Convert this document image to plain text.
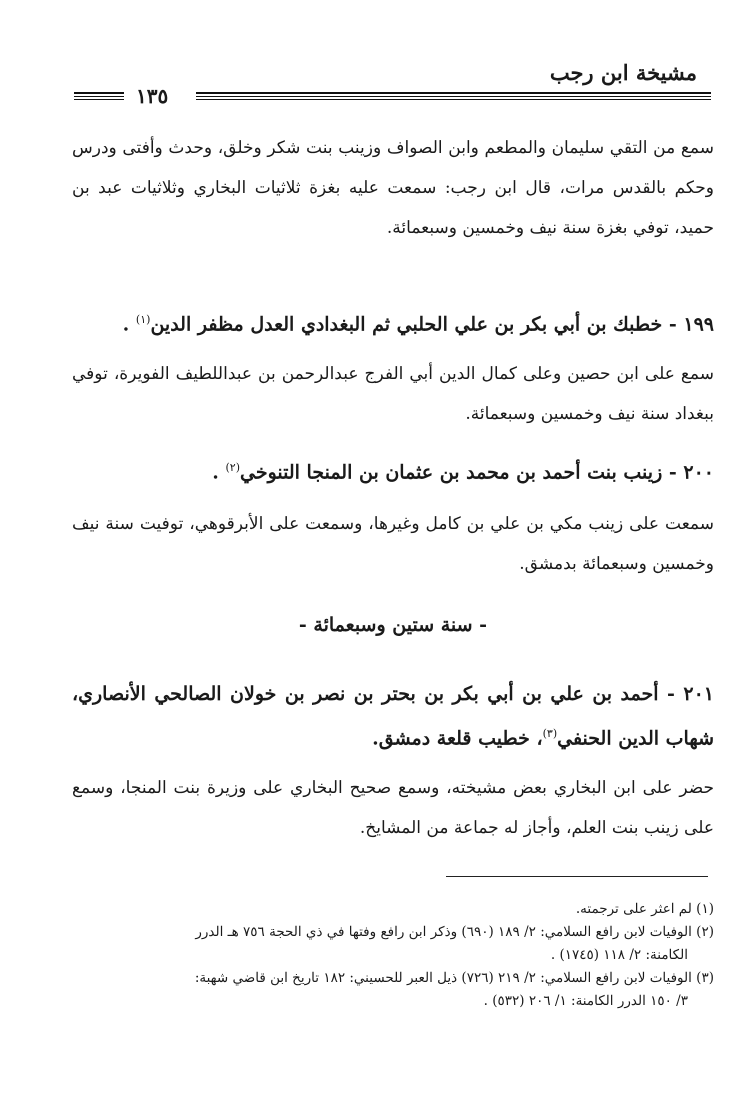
مشيخة ابن رجب
١٣٥
سمع من التقي سليمان والمطعم وابن الصواف وزينب بنت شكر وخلق، وحدث وأفتى ودرس وحكم بالقدس مرات، قال ابن رجب: سمعت عليه بغزة ثلاثيات البخاري وثلاثيات عبد بن حميد، توفي بغزة سنة نيف وخمسين وسبعمائة.
١٩٩ - خطبك بن أبي بكر بن علي الحلبي ثم البغدادي العدل مظفر الدين$^{(١)}$ .
سمع على ابن حصين وعلى كمال الدين أبي الفرج عبدالرحمن بن عبداللطيف الفويرة، توفي ببغداد سنة نيف وخمسين وسبعمائة.
٢٠٠ - زينب بنت أحمد بن محمد بن عثمان بن المنجا التنوخي$^{(٢)}$ .
سمعت على زينب مكي بن علي بن كامل وغيرها، وسمعت على الأبرقوهي، توفيت سنة نيف وخمسين وسبعمائة بدمشق.
- سنة ستين وسبعمائة -
٢٠١ - أحمد بن علي بن أبي بكر بن بحتر بن نصر بن خولان الصالحي الأنصاري، شهاب الدين الحنفي$^{(٣)}$، خطيب قلعة دمشق.
حضر على ابن البخاري بعض مشيخته، وسمع صحيح البخاري على وزيرة بنت المنجا، وسمع على زينب بنت العلم، وأجاز له جماعة من المشايخ.

(١) لم اعثر على ترجمته.

(٢) الوفيات لابن رافع السلامي: ٢/ ١٨٩ (٦٩٠) وذكر ابن رافع وفتها في ذي الحجة ٧٥٦ هـ الدرر

الكامنة: ٢/ ١١٨ (١٧٤٥) .

(٣) الوفيات لابن رافع السلامي: ٢/ ٢١٩ (٧٢٦) ذيل العبر للحسيني: ١٨٢ تاريخ ابن قاضي شهبة:

٣/ ١٥٠ الدرر الكامنة: ١/ ٢٠٦ (٥٣٢) .
